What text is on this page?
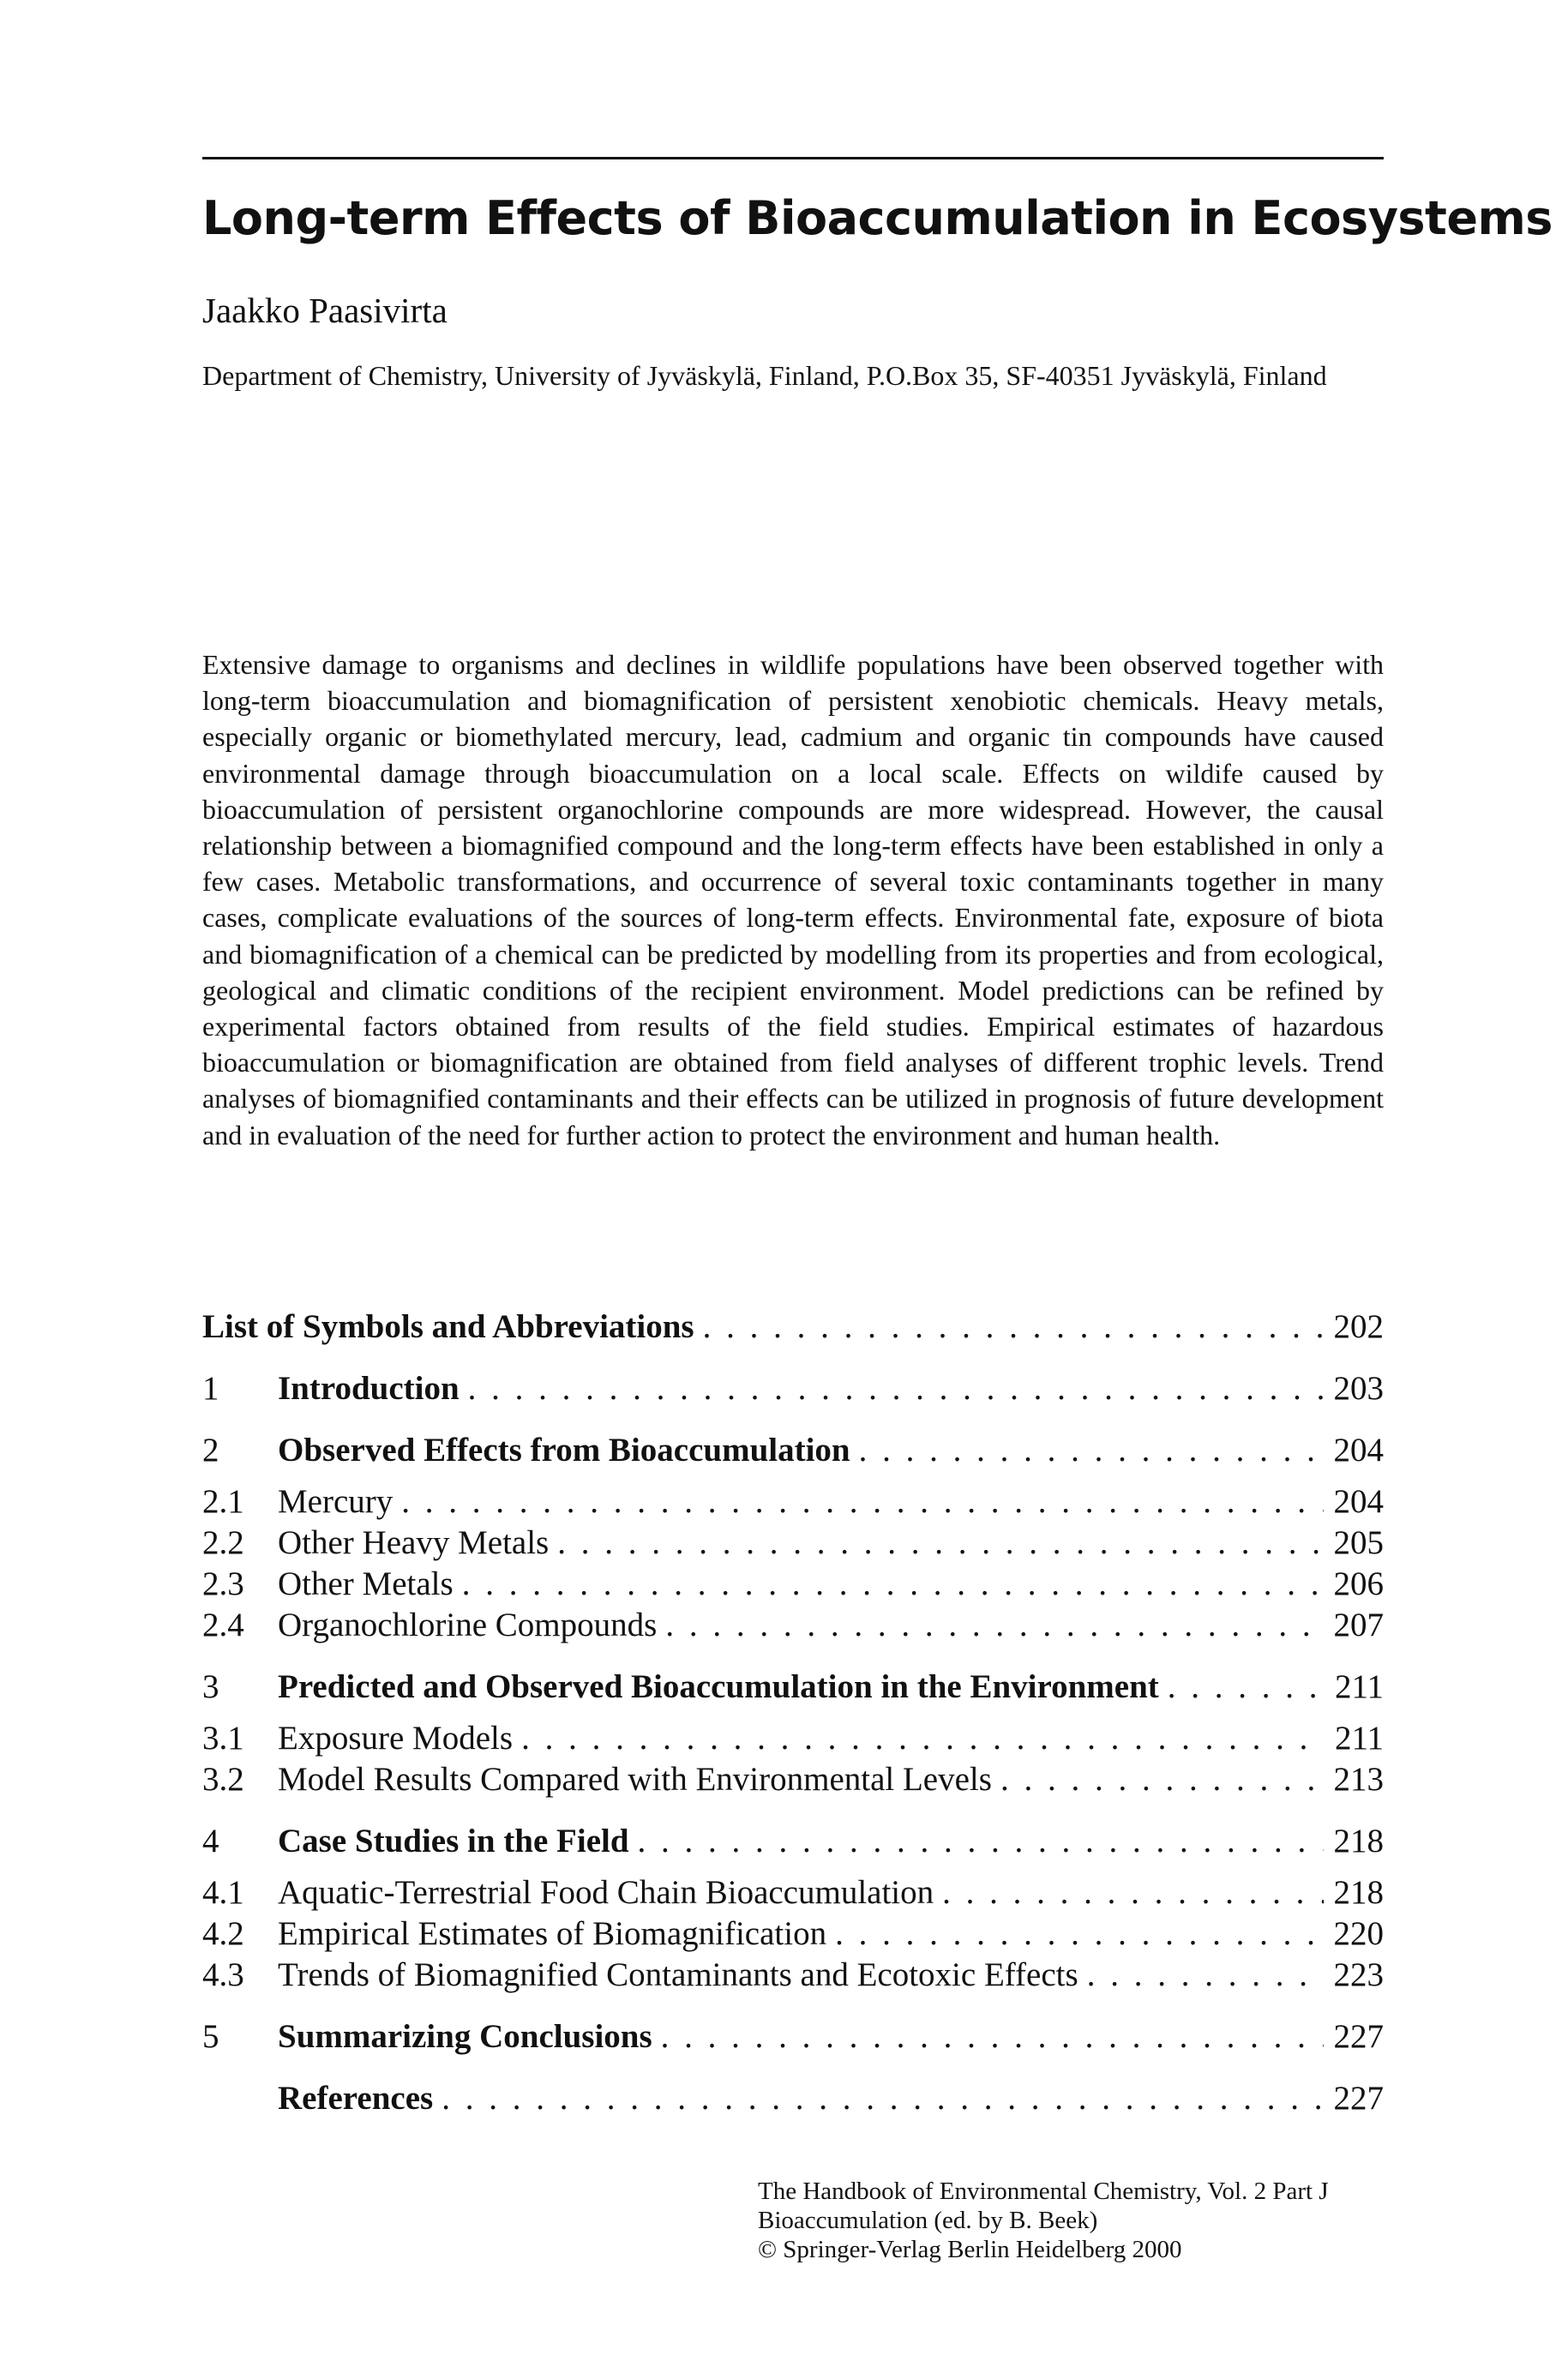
Long-term Effects of Bioaccumulation in Ecosystems
Jaakko Paasivirta
Department of Chemistry, University of Jyväskylä, Finland, P.O.Box 35, SF-40351 Jyväskylä, Finland

Extensive damage to organisms and declines in wildlife populations have been observed together with long-term bioaccumulation and biomagnification of persistent xenobiotic chemicals. Heavy metals, especially organic or biomethylated mercury, lead, cadmium and organic tin compounds have caused environmental damage through bioaccumulation on a local scale. Effects on wildife caused by bioaccumulation of persistent organochlorine compounds are more widespread. However, the causal relationship between a biomagnified compound and the long-term effects have been established in only a few cases. Metabolic transformations, and occurrence of several toxic contaminants together in many cases, complicate evaluations of the sources of long-term effects. Environmental fate, exposure of biota and biomagnification of a chemical can be predicted by modelling from its properties and from ecological, geological and climatic conditions of the recipient environment. Model predictions can be refined by experimental factors obtained from results of the field studies. Empirical estimates of hazardous bioaccumulation or biomagnification are obtained from field analyses of different trophic levels. Trend analyses of biomagnified contaminants and their effects can be utilized in prognosis of future development and in evaluation of the need for further action to protect the environment and human health.

List of Symbols and Abbreviations . . .	202
1	Introduction . . .	203
2	Observed Effects from Bioaccumulation . . .	204
2.1	Mercury . . .	204
2.2	Other Heavy Metals . . .	205
2.3	Other Metals . . .	206
2.4	Organochlorine Compounds . . .	207
3	Predicted and Observed Bioaccumulation in the Environment . . .	211
3.1	Exposure Models . . .	211
3.2	Model Results Compared with Environmental Levels . . .	213
4	Case Studies in the Field . . .	218
4.1	Aquatic-Terrestrial Food Chain Bioaccumulation . . .	218
4.2	Empirical Estimates of Biomagnification . . .	220
4.3	Trends of Biomagnified Contaminants and Ecotoxic Effects . . .	223
5	Summarizing Conclusions . . .	227
References . . .	227
The Handbook of Environmental Chemistry, Vol. 2 Part J
Bioaccumulation (ed. by B. Beek)
© Springer-Verlag Berlin Heidelberg 2000
